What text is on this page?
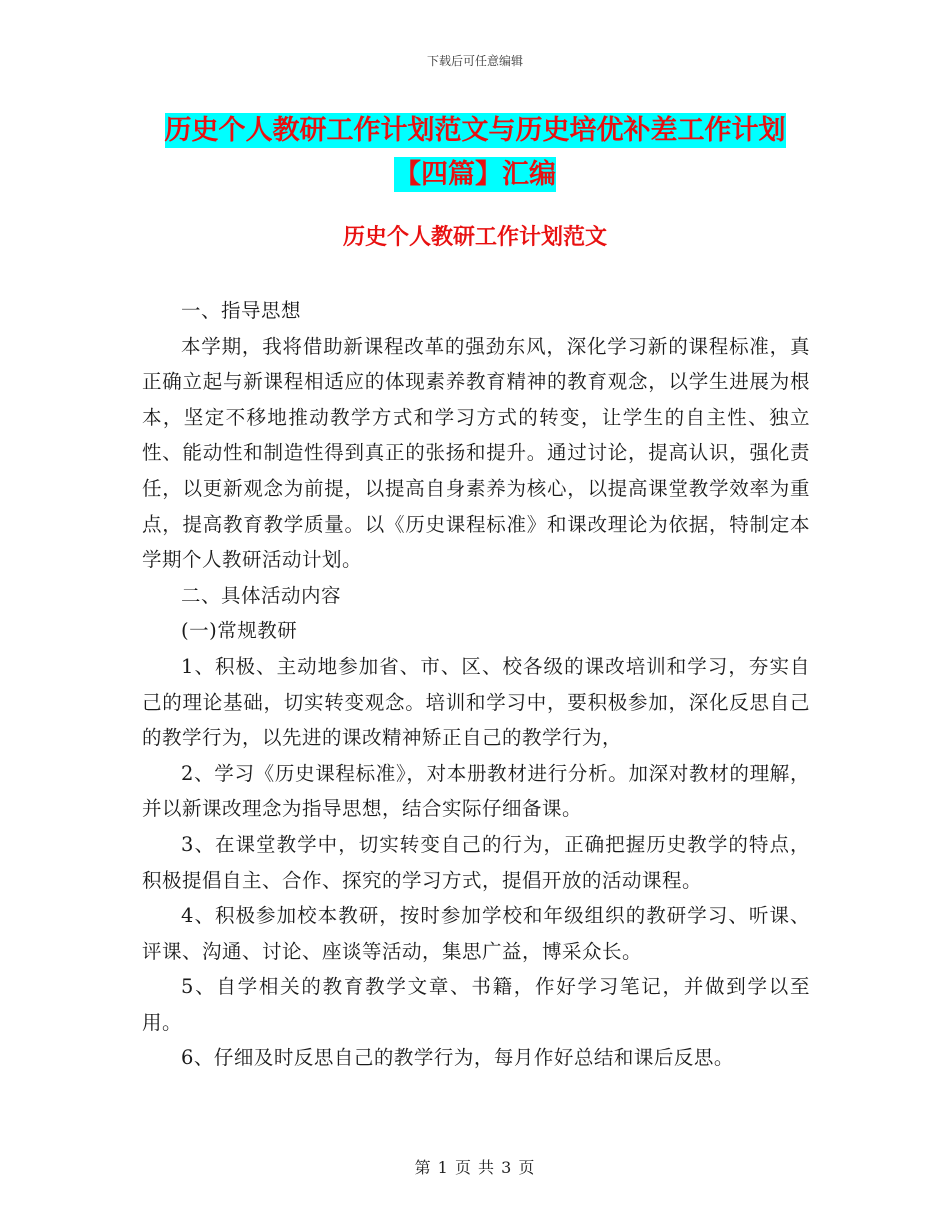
下载后可任意编辑
历史个人教研工作计划范文与历史培优补差工作计划
【四篇】汇编
历史个人教研工作计划范文

一、指导思想

本学期，我将借助新课程改革的强劲东风，深化学习新的课程标准，真正确立起与新课程相适应的体现素养教育精神的教育观念，以学生进展为根本，坚定不移地推动教学方式和学习方式的转变，让学生的自主性、独立性、能动性和制造性得到真正的张扬和提升。通过讨论，提高认识，强化责任，以更新观念为前提，以提高自身素养为核心，以提高课堂教学效率为重点，提高教育教学质量。以《历史课程标准》和课改理论为依据，特制定本学期个人教研活动计划。

二、具体活动内容

(一)常规教研

1、积极、主动地参加省、市、区、校各级的课改培训和学习，夯实自己的理论基础，切实转变观念。培训和学习中，要积极参加，深化反思自己的教学行为，以先进的课改精神矫正自己的教学行为，

2、学习《历史课程标准》，对本册教材进行分析。加深对教材的理解，并以新课改理念为指导思想，结合实际仔细备课。

3、在课堂教学中，切实转变自己的行为，正确把握历史教学的特点，积极提倡自主、合作、探究的学习方式，提倡开放的活动课程。

4、积极参加校本教研，按时参加学校和年级组织的教研学习、听课、评课、沟通、讨论、座谈等活动，集思广益，博采众长。

5、自学相关的教育教学文章、书籍，作好学习笔记，并做到学以至用。

6、仔细及时反思自己的教学行为，每月作好总结和课后反思。

第 1 页 共 3 页
